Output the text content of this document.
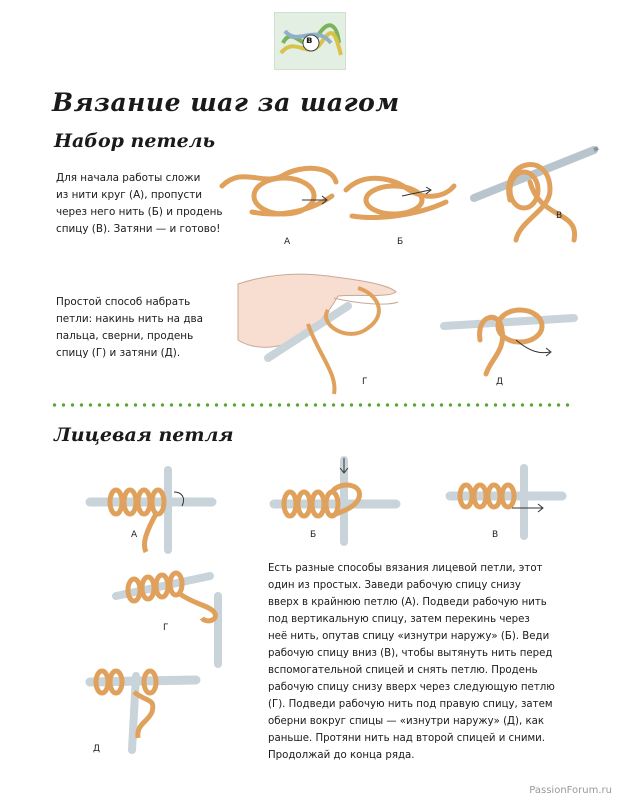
в
Вязание шаг за шагом
Набор петель
Для начала работы сложи
из нити круг (А), пропусти
через него нить (Б) и продень
спицу (В). Затяни — и готово!
Простой способ набрать
петли: накинь нить на два
пальца, сверни, продень
спицу (Г) и затяни (Д).
А	Б
В
Г	Д
Лицевая петля
А	Б	В
Г
Д
Есть разные способы вязания лицевой петли, этот
один из простых. Заведи рабочую спицу снизу
вверх в крайнюю петлю (А). Подведи рабочую нить
под вертикальную спицу, затем перекинь через
неё нить, опутав спицу «изнутри наружу» (Б). Веди
рабочую спицу вниз (В), чтобы вытянуть нить перед
вспомогательной спицей и снять петлю. Продень
рабочую спицу снизу вверх через следующую петлю
(Г). Подведи рабочую нить под правую спицу, затем
оберни вокруг спицы — «изнутри наружу» (Д), как
раньше. Протяни нить над второй спицей и сними.
Продолжай до конца ряда.
PassionForum.ru
